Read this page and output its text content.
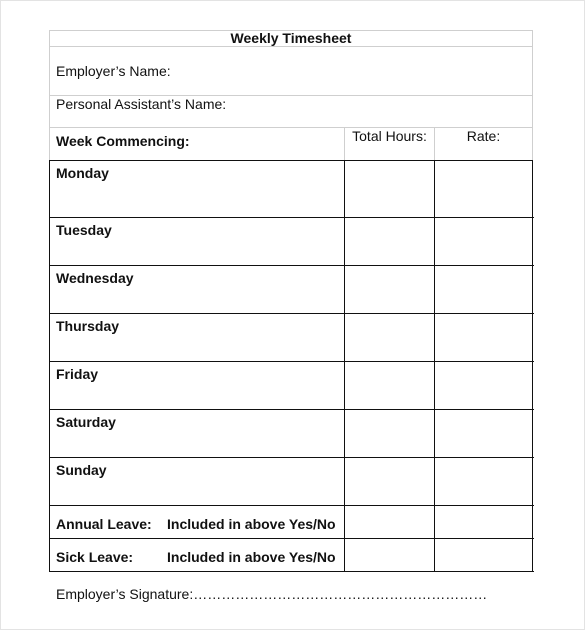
Weekly Timesheet
Employer’s Name:
Personal Assistant’s Name:
Week Commencing:	Total Hours:	Rate:
Monday
Tuesday
Wednesday
Thursday
Friday
Saturday
Sunday
Annual Leave: Included in above Yes/No
Sick Leave: Included in above Yes/No
Employer’s Signature:………………………………………………………
